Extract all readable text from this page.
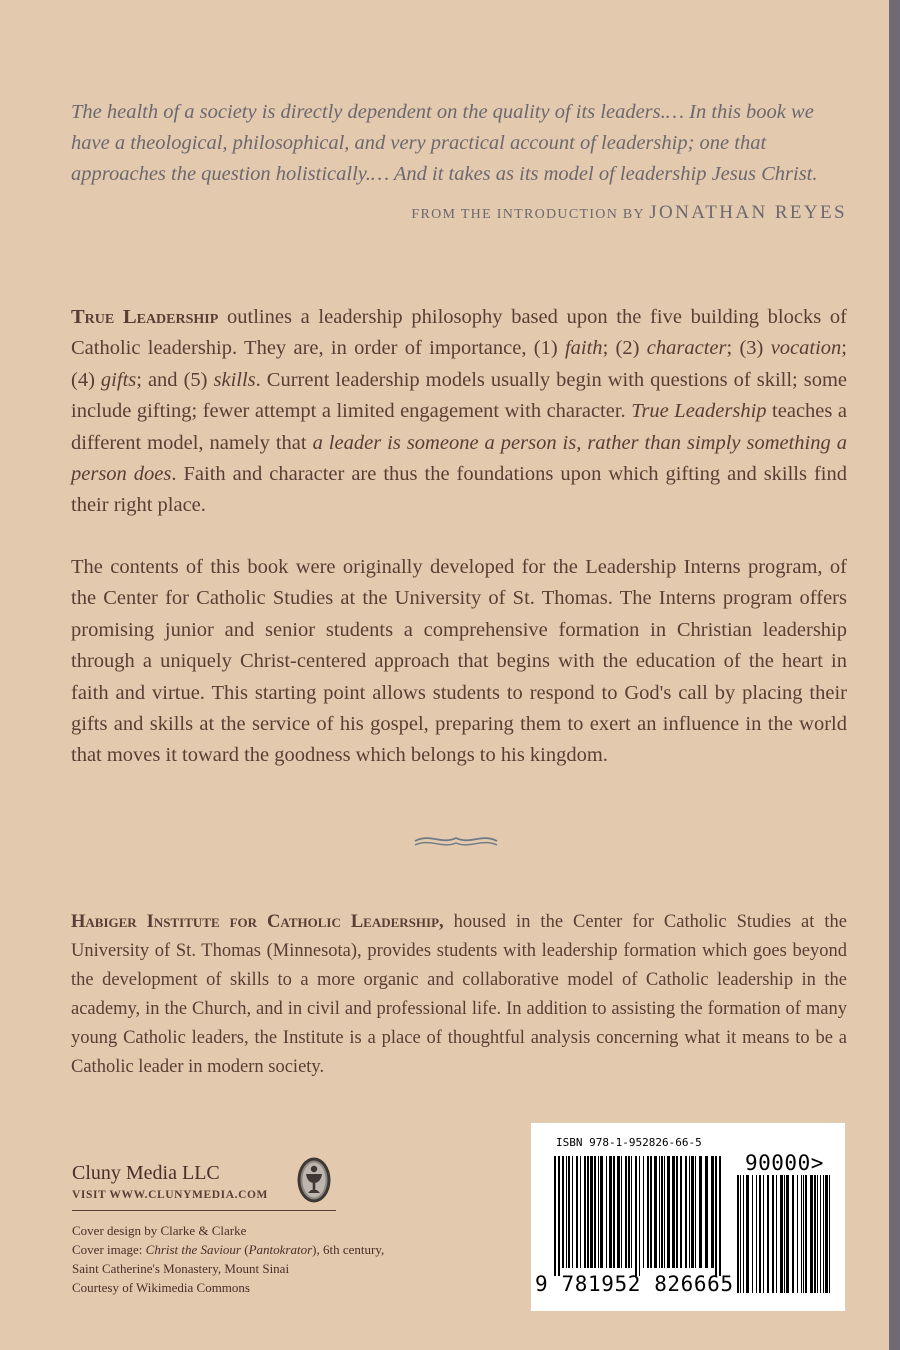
The health of a society is directly dependent on the quality of its leaders.… In this book we have a theological, philosophical, and very practical account of leadership; one that approaches the question holistically.… And it takes as its model of leadership Jesus Christ.
FROM THE INTRODUCTION BY JONATHAN REYES
True Leadership outlines a leadership philosophy based upon the five building blocks of Catholic leadership. They are, in order of importance, (1) faith; (2) character; (3) vocation; (4) gifts; and (5) skills. Current leadership models usually begin with questions of skill; some include gifting; fewer attempt a limited engagement with character. True Leadership teaches a different model, namely that a leader is someone a person is, rather than simply something a person does. Faith and character are thus the foundations upon which gifting and skills find their right place.
The contents of this book were originally developed for the Leadership Interns program, of the Center for Catholic Studies at the University of St. Thomas. The Interns program offers promising junior and senior students a comprehensive formation in Christian leadership through a uniquely Christ-centered approach that begins with the education of the heart in faith and virtue. This starting point allows students to respond to God's call by placing their gifts and skills at the service of his gospel, preparing them to exert an influence in the world that moves it toward the goodness which belongs to his kingdom.
Habiger Institute for Catholic Leadership, housed in the Center for Catholic Studies at the University of St. Thomas (Minnesota), provides students with leadership formation which goes beyond the development of skills to a more organic and collaborative model of Catholic leadership in the academy, in the Church, and in civil and professional life. In addition to assisting the formation of many young Catholic leaders, the Institute is a place of thoughtful analysis concerning what it means to be a Catholic leader in modern society.
Cluny Media LLC
VISIT WWW.CLUNYMEDIA.COM
Cover design by Clarke & Clarke
Cover image: Christ the Saviour (Pantokrator), 6th century,
Saint Catherine's Monastery, Mount Sinai
Courtesy of Wikimedia Commons
ISBN 978-1-952826-66-5
9 781952 826665
90000>
